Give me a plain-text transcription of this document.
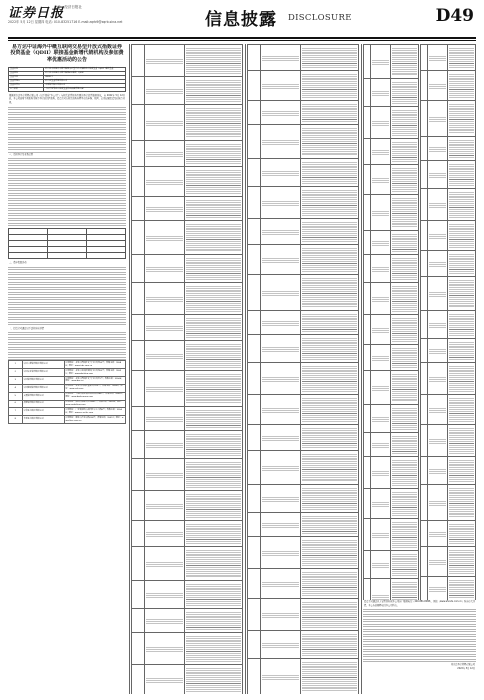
证券日报
主办 · 经济日报社
2022年 5月 12日 星期四 电话: 010-83251716 E-mail:zqrb9@zqrb.sina.net	信息披露 DISCLOSURE	D49
易方达中证海外中概互联网交易型开放式指数证券投资基金（QDII）联接基金新增代销机构及参加费率优惠活动的公告
基金名称	易方达中证海外中概互联网交易型开放式指数证券投资基金（QDII）联接基金
基金简称	易方达中证海外中概互联网ETF联接（QDII）
基金代码	006327
基金管理人	易方达基金管理有限公司
基金托管人	中国银行股份有限公司
公告依据	《公开募集证券投资基金信息披露管理办法》

根据易方达基金管理有限公司（以下简称“本公司”）与相关销售机构签署的基金销售服务协议，自 2022年 5月 12日起，本公司新增下列机构为旗下基金的销售机构，投资者可在相关机构办理基金的申购、赎回、定期定额投资及转换等业务。

一、适用基金及业务范围

二、费率优惠活动

三、投资者可通过以下途径咨询详情

1	中国工商银行股份有限公司	注册地址：北京市西城区复兴门内大街55号；客服电话：95588；网址：www.icbc.com.cn
2	中国农业银行股份有限公司	注册地址：北京市东城区建国门内大街69号；客服电话：95599；网址：www.abchina.com
3	中国银行股份有限公司	注册地址：北京市西城区复兴门内大街1号；客服电话：95566；网址：www.boc.cn
4	中国建设银行股份有限公司	注册地址：北京市西城区金融大街25号；客服电话：95533；网址：www.ccb.com
5	交通银行股份有限公司	注册地址：上海市浦东新区银城中路188号；客服电话：95559；网址：www.bankcomm.com
6	招商银行股份有限公司	注册地址：深圳市深南大道7088号；客服电话：95555；网址：www.cmbchina.com
7	中信证券股份有限公司	注册地址：广东省深圳市福田区中心三路8号；客服电话：95548；网址：www.cs.ecitic.com
8	华泰证券股份有限公司	注册地址：南京市江东中路228号；客服电话：95597；网址：www.htsc.com.cn

投资者可通过以上销售机构或本公司客户服务电话（400-881-8088）、网站（www.efunds.com.cn）咨询有关详情。本公告的解释权归本公司所有。

易方达基金管理有限公司

2022年 5月 12日
